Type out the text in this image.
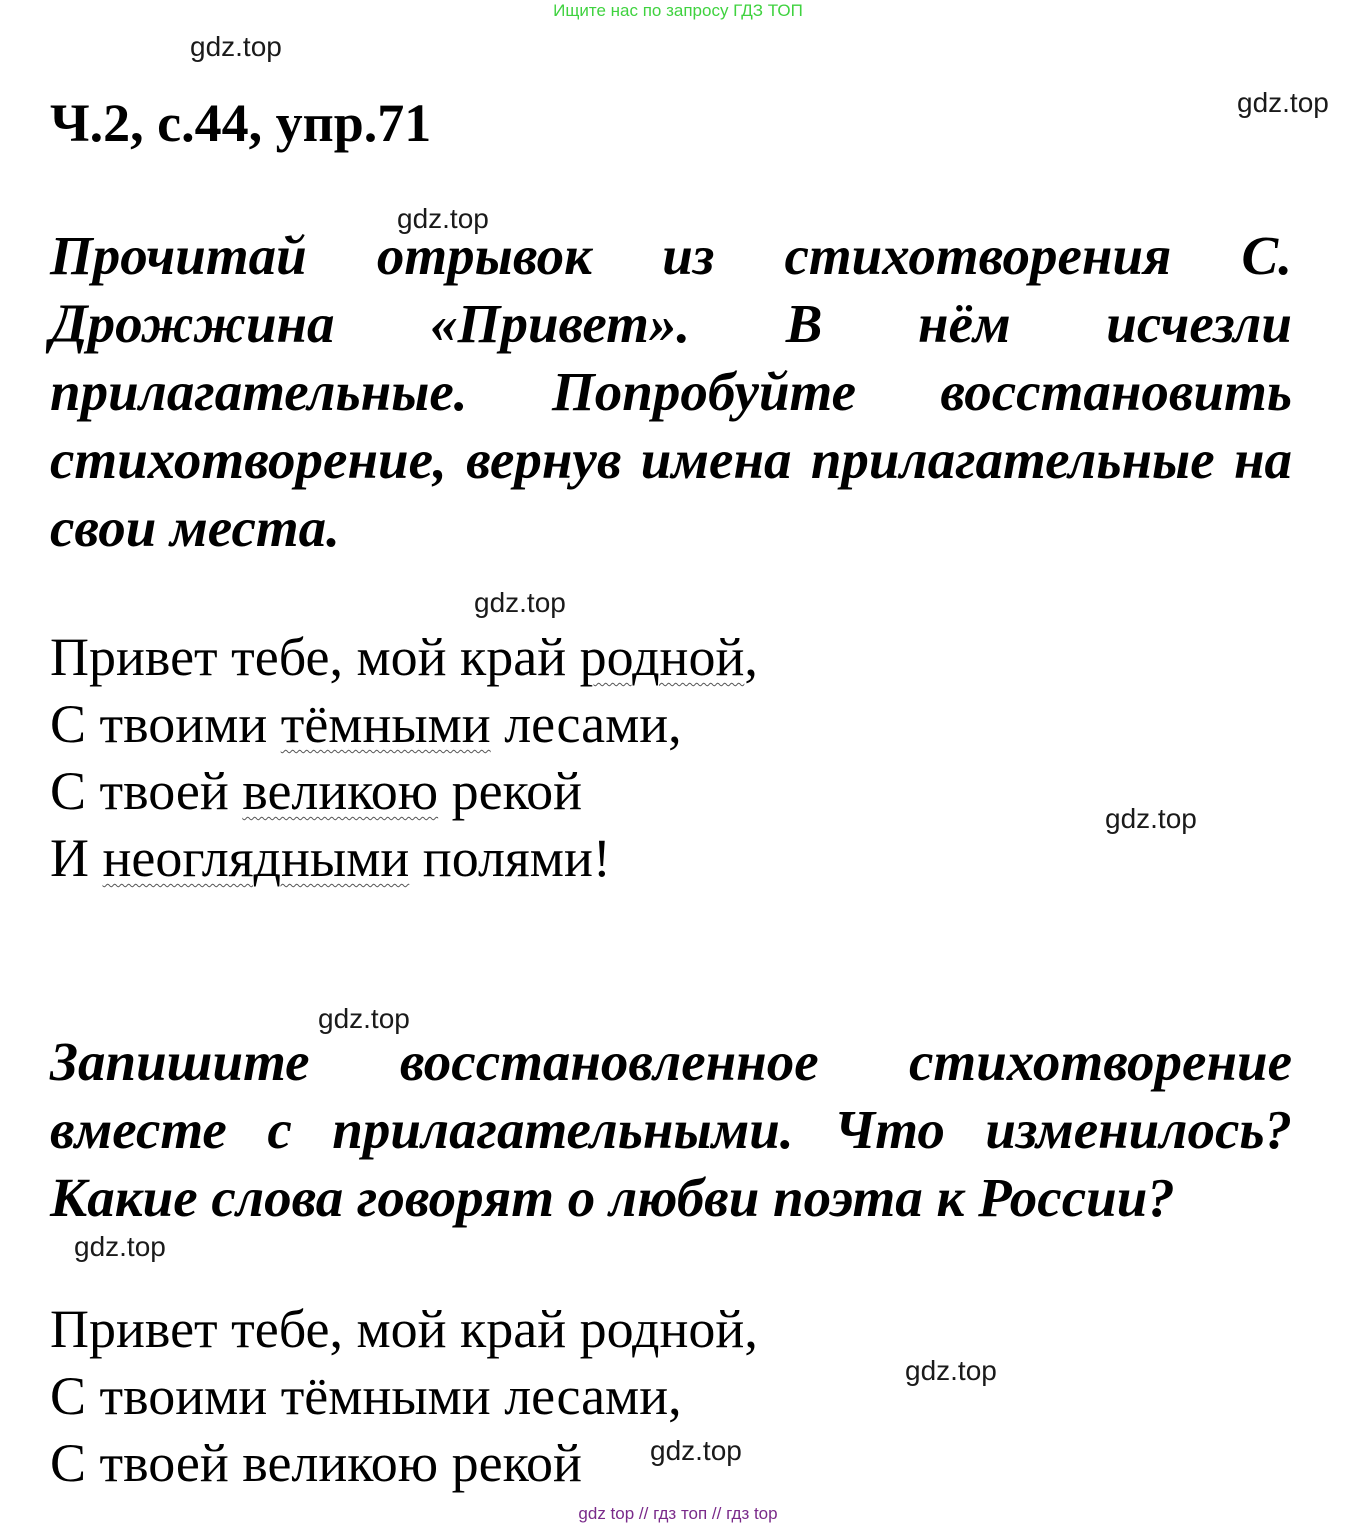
Ищите нас по запросу ГДЗ ТОП
gdz.top
gdz.top
Ч.2, с.44, упр.71
gdz.top

Прочитай отрывок из стихотворения С. Дрожжина «Привет». В нём исчезли прилагательные. Попробуйте восстановить стихотворение, вернув имена прилагательные на свои места.

gdz.top
Привет тебе, мой край родной,
С твоими тёмными лесами,
С твоей великою рекой
И неоглядными полями!
gdz.top
gdz.top

Запишите восстановленное стихотворение вместе с прилагательными. Что изменилось? Какие слова говорят о любви поэта к России?

gdz.top
Привет тебе, мой край родной,
С твоими тёмными лесами,
С твоей великою рекой
gdz.top
gdz.top
gdz top // гдз топ // гдз top
